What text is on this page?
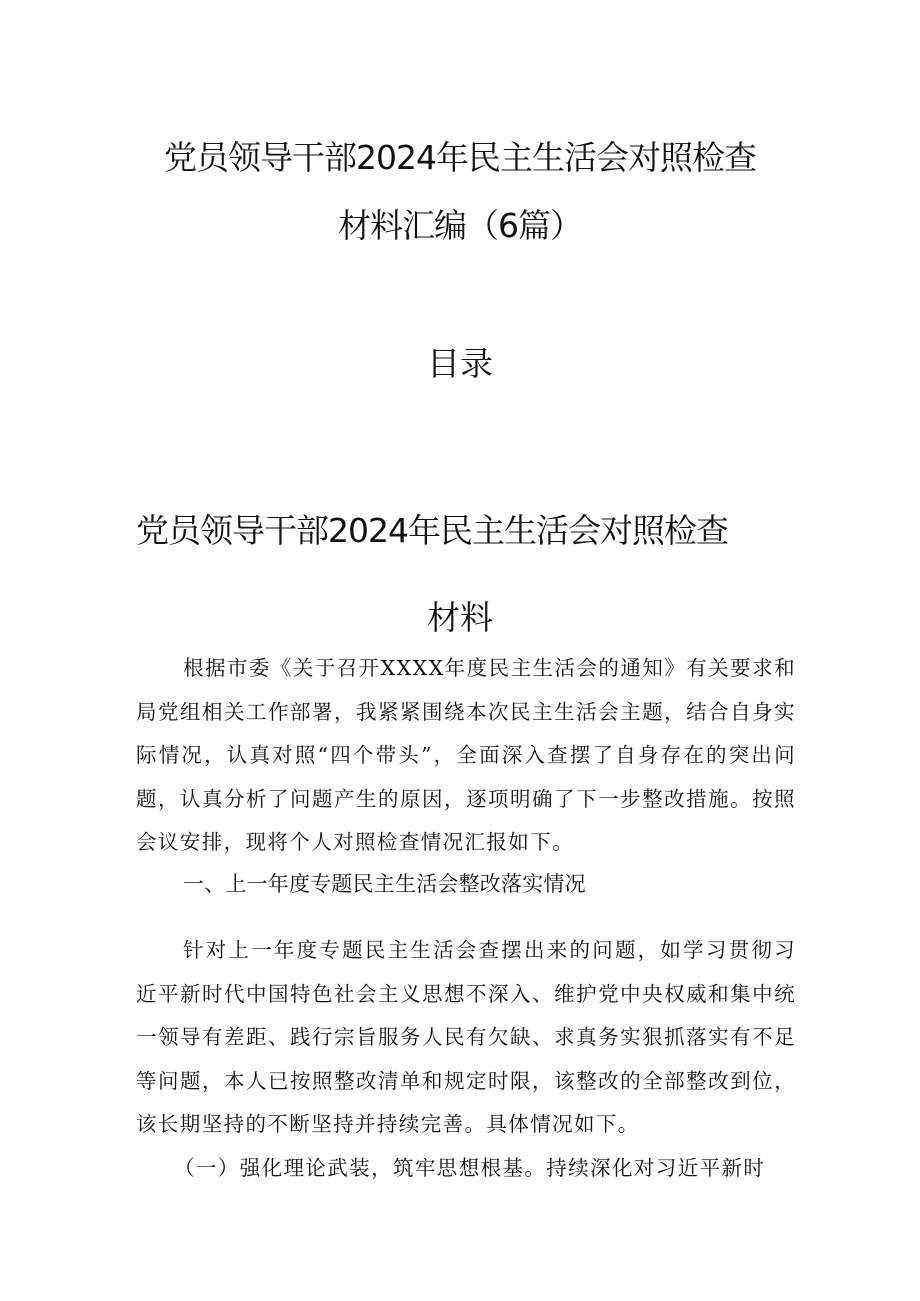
党员领导干部2024年民主生活会对照检查
材料汇编（6篇）
目录
党员领导干部2024年民主生活会对照检查
材料

根据市委《关于召开XXXX年度民主生活会的通知》有关要求和局党组相关工作部署，我紧紧围绕本次民主生活会主题，结合自身实际情况，认真对照“四个带头”，全面深入查摆了自身存在的突出问题，认真分析了问题产生的原因，逐项明确了下一步整改措施。按照会议安排，现将个人对照检查情况汇报如下。

一、上一年度专题民主生活会整改落实情况

针对上一年度专题民主生活会查摆出来的问题，如学习贯彻习近平新时代中国特色社会主义思想不深入、维护党中央权威和集中统一领导有差距、践行宗旨服务人民有欠缺、求真务实狠抓落实有不足等问题，本人已按照整改清单和规定时限，该整改的全部整改到位，该长期坚持的不断坚持并持续完善。具体情况如下。

（一）强化理论武装，筑牢思想根基。持续深化对习近平新时
